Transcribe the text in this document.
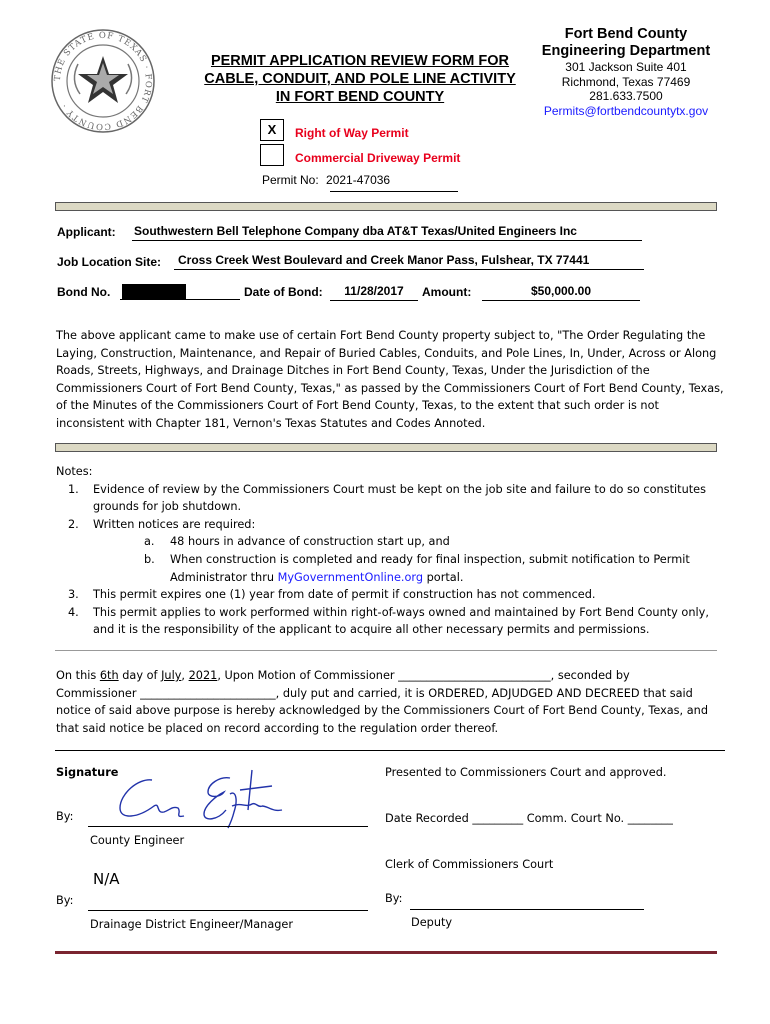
THE STATE OF TEXAS · FORT BEND COUNTY ·
PERMIT APPLICATION REVIEW FORM FOR
CABLE, CONDUIT, AND POLE LINE ACTIVITY
IN FORT BEND COUNTY
Fort Bend County
Engineering Department
301 Jackson Suite 401
Richmond, Texas 77469
281.633.7500
Permits@fortbendcountytx.gov
X	Right of Way Permit
Commercial Driveway Permit
Permit No: 2021-47036
Applicant: Southwestern Bell Telephone Company dba AT&T Texas/United Engineers Inc
Job Location Site:	Cross Creek West Boulevard and Creek Manor Pass, Fulshear, TX 77441
Bond No.	Date of Bond:	11/28/2017	Amount:	$50,000.00
The above applicant came to make use of certain Fort Bend County property subject to, "The Order Regulating the
Laying, Construction, Maintenance, and Repair of Buried Cables, Conduits, and Pole Lines, In, Under, Across or Along
Roads, Streets, Highways, and Drainage Ditches in Fort Bend County, Texas, Under the Jurisdiction of the
Commissioners Court of Fort Bend County, Texas," as passed by the Commissioners Court of Fort Bend County, Texas,
of the Minutes of the Commissioners Court of Fort Bend County, Texas, to the extent that such order is not
inconsistent with Chapter 181, Vernon's Texas Statutes and Codes Annoted.
Notes:
1. Evidence of review by the Commissioners Court must be kept on the job site and failure to do so constitutes
grounds for job shutdown.
2. Written notices are required:
a. 48 hours in advance of construction start up, and
b. When construction is completed and ready for final inspection, submit notification to Permit
Administrator thru MyGovernmentOnline.org portal.
3. This permit expires one (1) year from date of permit if construction has not commenced.
4. This permit applies to work performed within right-of-ways owned and maintained by Fort Bend County only,
and it is the responsibility of the applicant to acquire all other necessary permits and permissions.
On this 6th day of July, 2021, Upon Motion of Commissioner ___________________________, seconded by
Commissioner ________________________, duly put and carried, it is ORDERED, ADJUDGED AND DECREED that said
notice of said above purpose is hereby acknowledged by the Commissioners Court of Fort Bend County, Texas, and
that said notice be placed on record according to the regulation order thereof.
Signature
By:
County Engineer
N/A
By:
Drainage District Engineer/Manager
Presented to Commissioners Court and approved.
Date Recorded _________ Comm. Court No. ________
Clerk of Commissioners Court
By:
Deputy
